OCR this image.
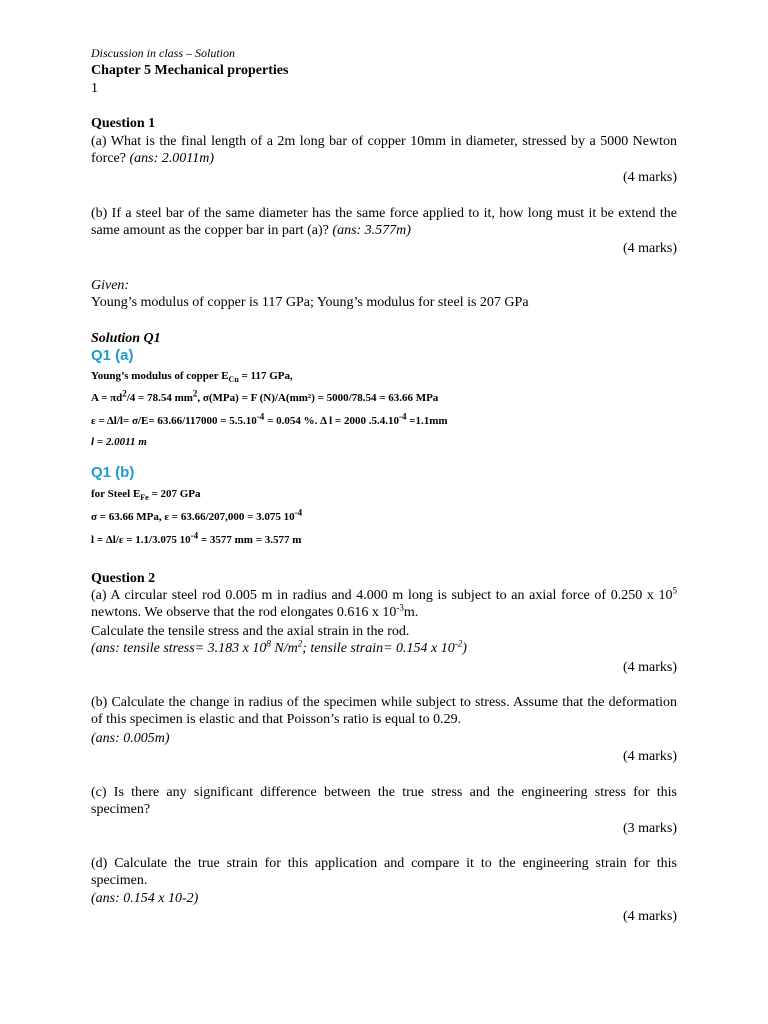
Discussion in class – Solution
Chapter 5 Mechanical properties
1
Question 1

(a) What is the final length of a 2m long bar of copper 10mm in diameter, stressed by a 5000 Newton force? (ans: 2.0011m)

(4 marks)

(b) If a steel bar of the same diameter has the same force applied to it, how long must it be extend the same amount as the copper bar in part (a)? (ans: 3.577m)

(4 marks)
Given:
Young’s modulus of copper is 117 GPa; Young’s modulus for steel is 207 GPa
Solution Q1
Q1 (a)
Young’s modulus of copper $E_{Cu} = 117$ GPa,
$A = \pi d^2/4 = 78.54$ $mm^2$, σ(MPa) = F (N)/A(mm²) = 5000/78.54 = 63.66 MPa
$\varepsilon = \Delta l/l= \sigma/E= 63.66/117000 = 5.5.10^{-4} = 0.054$ %. Δ l = 2000 $.5.4.10^{-4} =1.1mm$
l = 2.0011 m
Q1 (b)
for Steel $E_{Fe} = 207$ GPa
σ = 63.66 MPa, ε = 63.66/207,000 = 3.075 $10^{-4}$
l = Δl/ε = 1.1/3.075 $10^{-4} = 3577$ mm = 3.577 m
Question 2

(a) A circular steel rod 0.005 m in radius and 4.000 m long is subject to an axial force of 0.250 x $10^5$ newtons. We observe that the rod elongates 0.616 x $10^{-3}m$.

Calculate the tensile stress and the axial strain in the rod.
(ans: tensile stress= 3.183 x $10^8$ $N/m^2$; tensile strain= 0.154 x $10^{-2}$)
(4 marks)

(b) Calculate the change in radius of the specimen while subject to stress. Assume that the deformation of this specimen is elastic and that Poisson’s ratio is equal to 0.29.

(ans: 0.005m)
(4 marks)

(c) Is there any significant difference between the true stress and the engineering stress for this specimen?

(3 marks)

(d) Calculate the true strain for this application and compare it to the engineering strain for this specimen.

(ans: 0.154 x 10-2)
(4 marks)
